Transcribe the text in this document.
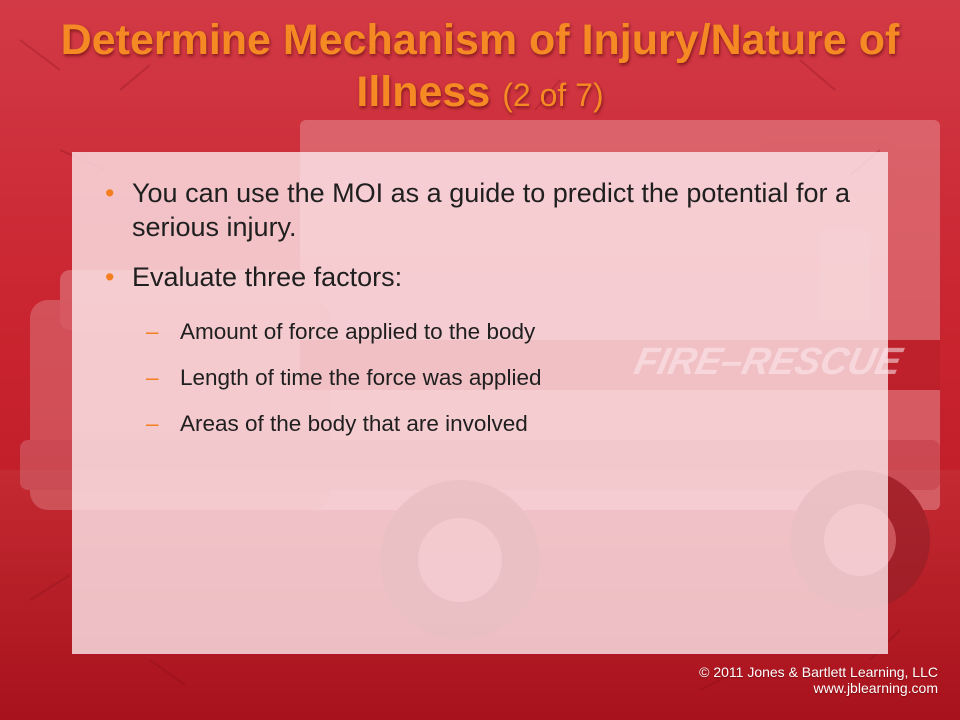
Determine Mechanism of Injury/Nature of Illness (2 of 7)
• You can use the MOI as a guide to predict the potential for a serious injury.
• Evaluate three factors:
– Amount of force applied to the body
– Length of time the force was applied
– Areas of the body that are involved
© 2011 Jones & Bartlett Learning, LLC
www.jblearning.com
